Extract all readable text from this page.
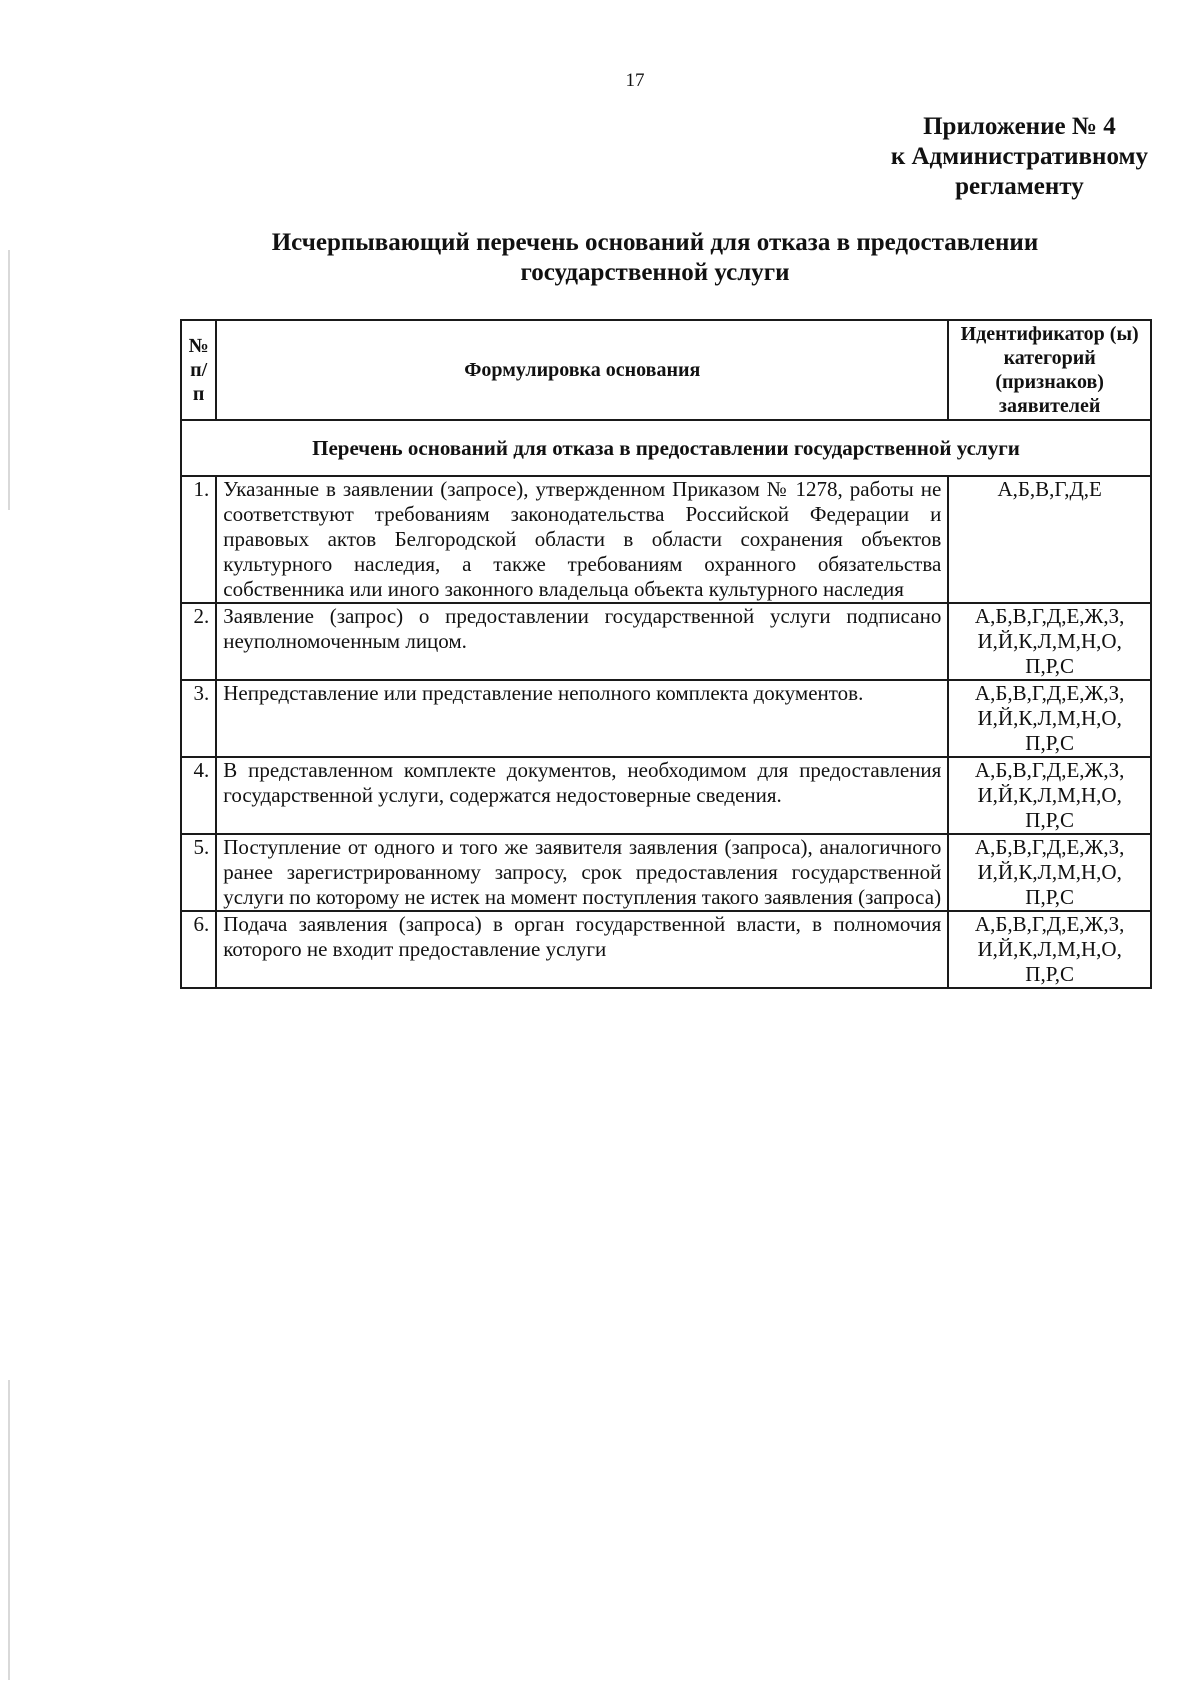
17
Приложение № 4
к Административному
регламенту
Исчерпывающий перечень оснований для отказа в предоставлении
государственной услуги
№ п/п	Формулировка основания	Идентификатор (ы) категорий (признаков) заявителей
Перечень оснований для отказа в предоставлении государственной услуги		
1.	Указанные в заявлении (запросе), утвержденном Приказом № 1278, работы не соответствуют требованиям законодательства Российской Федерации и правовых актов Белгородской области в области сохранения объектов культурного наследия, а также требованиям охранного обязательства собственника или иного законного владельца объекта культурного наследия	А,Б,В,Г,Д,Е
2.	Заявление (запрос) о предоставлении государственной услуги подписано неуполномоченным лицом.	А,Б,В,Г,Д,Е,Ж,З, И,Й,К,Л,М,Н,О, П,Р,С
3.	Непредставление или представление неполного комплекта документов.	А,Б,В,Г,Д,Е,Ж,З, И,Й,К,Л,М,Н,О, П,Р,С
4.	В представленном комплекте документов, необходимом для предоставления государственной услуги, содержатся недостоверные сведения.	А,Б,В,Г,Д,Е,Ж,З, И,Й,К,Л,М,Н,О, П,Р,С
5.	Поступление от одного и того же заявителя заявления (запроса), аналогичного ранее зарегистрированному запросу, срок предоставления государственной услуги по которому не истек на момент поступления такого заявления (запроса)	А,Б,В,Г,Д,Е,Ж,З, И,Й,К,Л,М,Н,О, П,Р,С
6.	Подача заявления (запроса) в орган государственной власти, в полномочия которого не входит предоставление услуги	А,Б,В,Г,Д,Е,Ж,З, И,Й,К,Л,М,Н,О, П,Р,С
